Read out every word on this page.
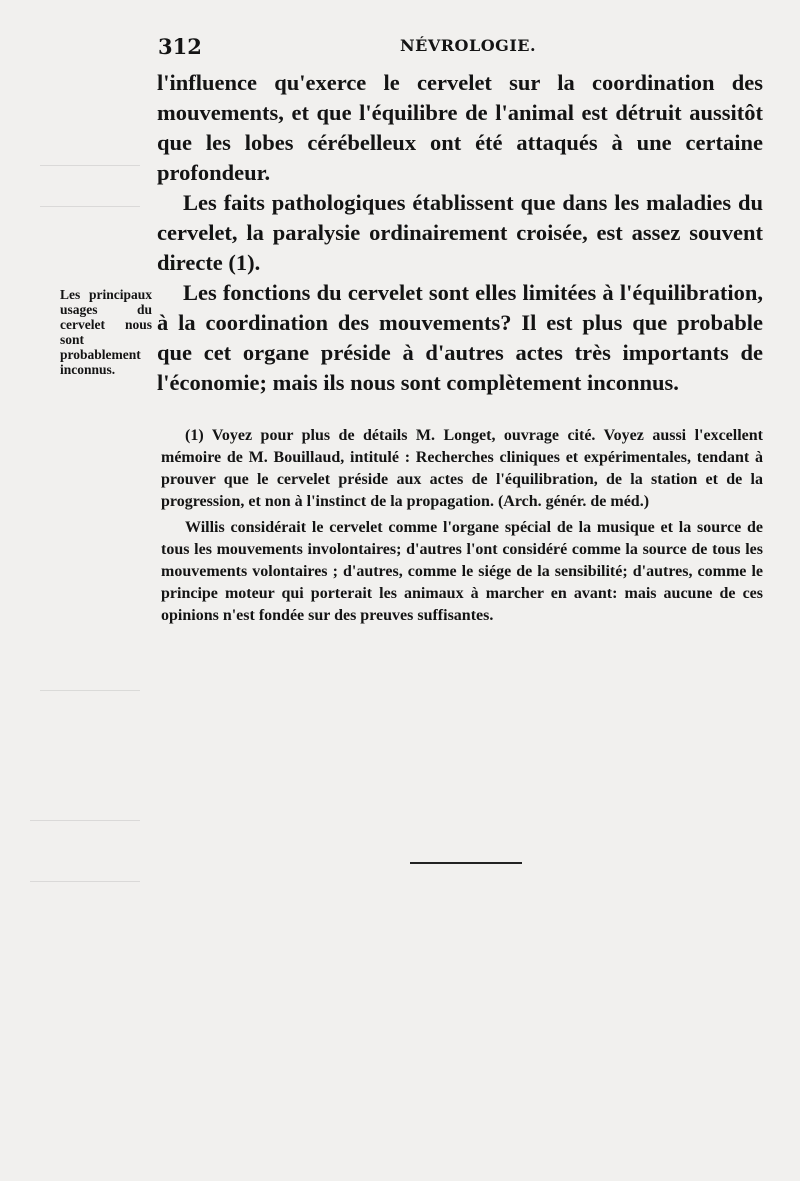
312	NÉVROLOGIE.
Les principaux usages du cervelet nous sont probablement inconnus.

l'influence qu'exerce le cervelet sur la coordination des mouvements, et que l'équilibre de l'animal est détruit aussitôt que les lobes cérébelleux ont été attaqués à une certaine profondeur.

Les faits pathologiques établissent que dans les maladies du cervelet, la paralysie ordinairement croisée, est assez souvent directe (1).

Les fonctions du cervelet sont elles limitées à l'équilibration, à la coordination des mouvements? Il est plus que probable que cet organe préside à d'autres actes très importants de l'économie; mais ils nous sont complètement inconnus.

(1) Voyez pour plus de détails M. Longet, ouvrage cité. Voyez aussi l'excellent mémoire de M. Bouillaud, intitulé : Recherches cliniques et expérimentales, tendant à prouver que le cervelet préside aux actes de l'équilibration, de la station et de la progression, et non à l'instinct de la propagation. (Arch. génér. de méd.)

Willis considérait le cervelet comme l'organe spécial de la musique et la source de tous les mouvements involontaires; d'autres l'ont considéré comme la source de tous les mouvements volontaires ; d'autres, comme le siége de la sensibilité; d'autres, comme le principe moteur qui porterait les animaux à marcher en avant: mais aucune de ces opinions n'est fondée sur des preuves suffisantes.
